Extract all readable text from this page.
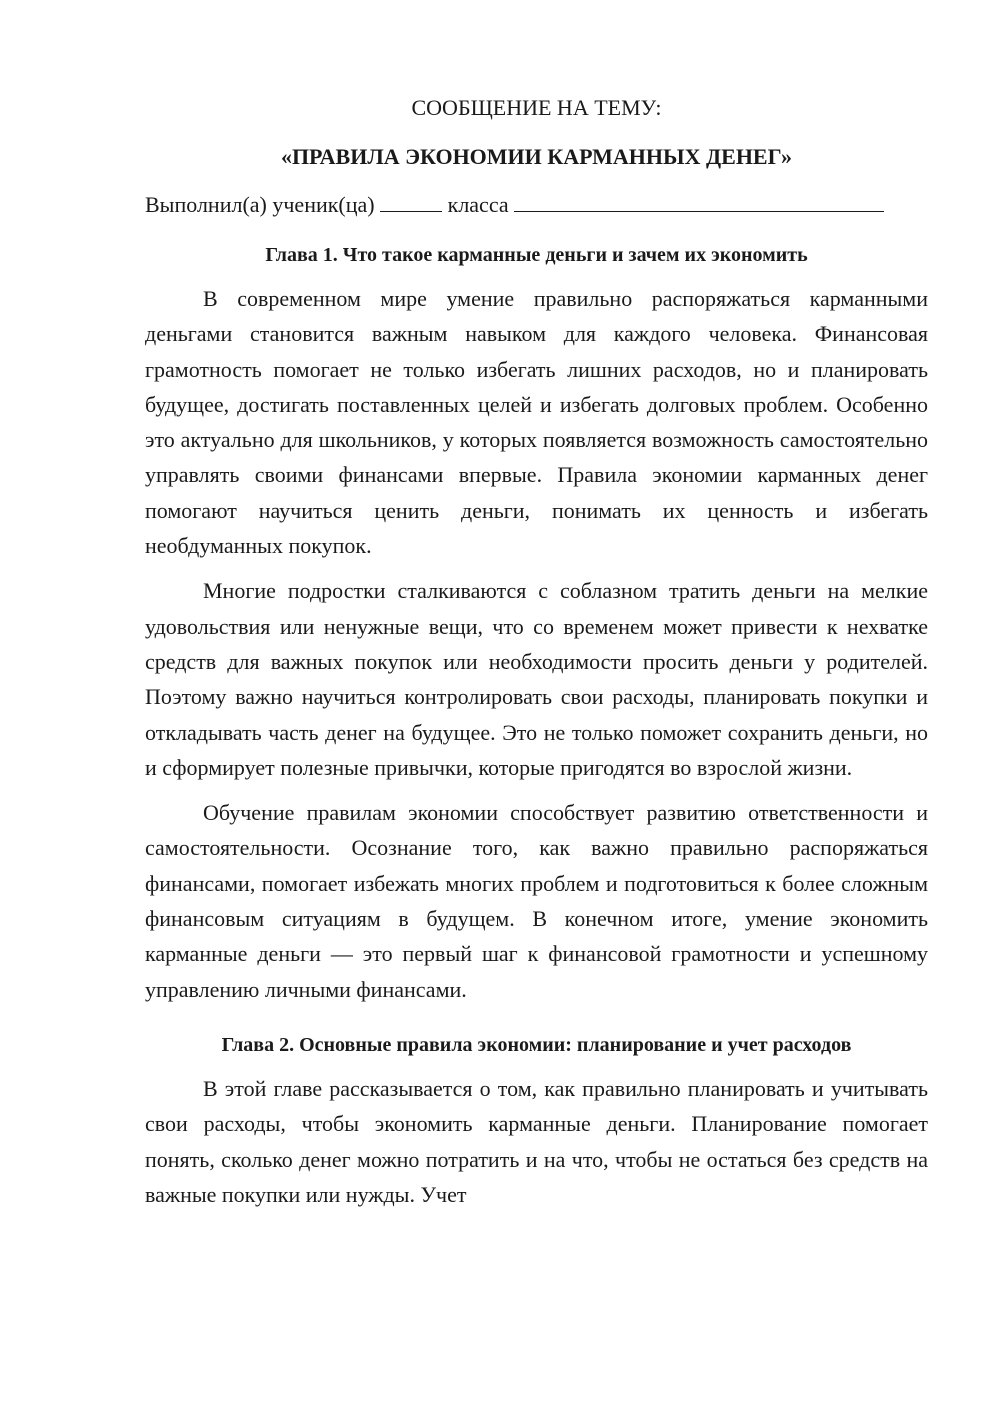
СООБЩЕНИЕ НА ТЕМУ:

«ПРАВИЛА ЭКОНОМИИ КАРМАННЫХ ДЕНЕГ»

Выполнил(а) ученик(ца)	класса

Глава 1. Что такое карманные деньги и зачем их экономить

В современном мире умение правильно распоряжаться карманными деньгами становится важным навыком для каждого человека. Финансовая грамотность помогает не только избегать лишних расходов, но и планировать будущее, достигать поставленных целей и избегать долговых проблем. Особенно это актуально для школьников, у которых появляется возможность самостоятельно управлять своими финансами впервые. Правила экономии карманных денег помогают научиться ценить деньги, понимать их ценность и избегать необдуманных покупок.

Многие подростки сталкиваются с соблазном тратить деньги на мелкие удовольствия или ненужные вещи, что со временем может привести к нехватке средств для важных покупок или необходимости просить деньги у родителей. Поэтому важно научиться контролировать свои расходы, планировать покупки и откладывать часть денег на будущее. Это не только поможет сохранить деньги, но и сформирует полезные привычки, которые пригодятся во взрослой жизни.

Обучение правилам экономии способствует развитию ответственности и самостоятельности. Осознание того, как важно правильно распоряжаться финансами, помогает избежать многих проблем и подготовиться к более сложным финансовым ситуациям в будущем. В конечном итоге, умение экономить карманные деньги — это первый шаг к финансовой грамотности и успешному управлению личными финансами.

Глава 2. Основные правила экономии: планирование и учет расходов

В этой главе рассказывается о том, как правильно планировать и учитывать свои расходы, чтобы экономить карманные деньги. Планирование помогает понять, сколько денег можно потратить и на что, чтобы не остаться без средств на важные покупки или нужды. Учет
